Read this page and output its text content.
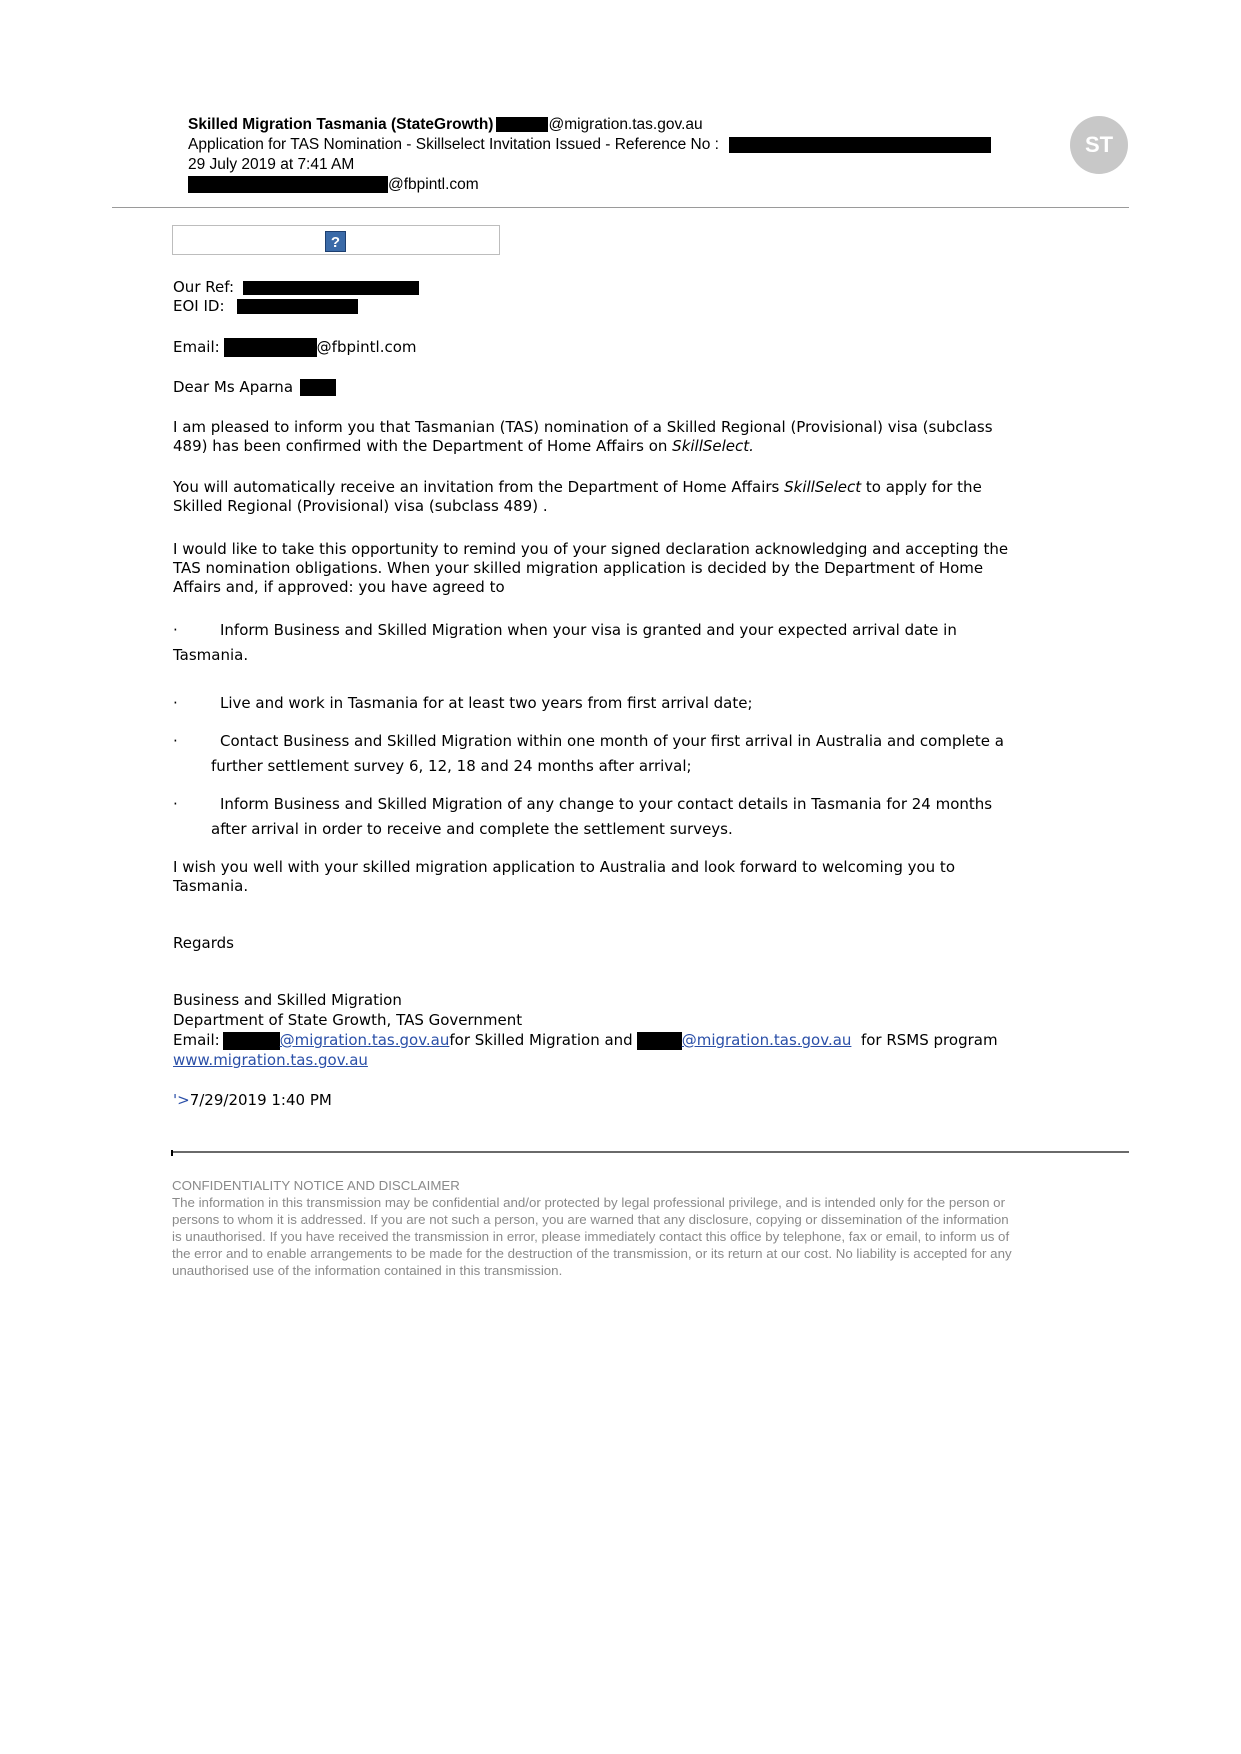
Skilled Migration Tasmania (StateGrowth)	@migration.tas.gov.au
Application for TAS Nomination - Skillselect Invitation Issued - Reference No :
29 July 2019 at 7:41 AM
@fbpintl.com
ST
?
Our Ref:
EOI ID:
Email:	@fbpintl.com
Dear Ms Aparna
I am pleased to inform you that Tasmanian (TAS) nomination of a Skilled Regional (Provisional) visa (subclass
489) has been confirmed with the Department of Home Affairs on SkillSelect.
You will automatically receive an invitation from the Department of Home Affairs SkillSelect to apply for the
Skilled Regional (Provisional) visa (subclass 489) .
I would like to take this opportunity to remind you of your signed declaration acknowledging and accepting the
TAS nomination obligations. When your skilled migration application is decided by the Department of Home
Affairs and, if approved: you have agreed to
·	Inform Business and Skilled Migration when your visa is granted and your expected arrival date in
Tasmania.
·	Live and work in Tasmania for at least two years from first arrival date;
·	Contact Business and Skilled Migration within one month of your first arrival in Australia and complete a
further settlement survey 6, 12, 18 and 24 months after arrival;
·	Inform Business and Skilled Migration of any change to your contact details in Tasmania for 24 months
after arrival in order to receive and complete the settlement surveys.
I wish you well with your skilled migration application to Australia and look forward to welcoming you to
Tasmania.
Regards
Business and Skilled Migration
Department of State Growth, TAS Government
Email:	@migration.tas.gov.aufor Skilled Migration and	@migration.tas.gov.au  for RSMS program
www.migration.tas.gov.au
'>7/29/2019 1:40 PM
CONFIDENTIALITY NOTICE AND DISCLAIMER
The information in this transmission may be confidential and/or protected by legal professional privilege, and is intended only for the person or
persons to whom it is addressed. If you are not such a person, you are warned that any disclosure, copying or dissemination of the information
is unauthorised. If you have received the transmission in error, please immediately contact this office by telephone, fax or email, to inform us of
the error and to enable arrangements to be made for the destruction of the transmission, or its return at our cost. No liability is accepted for any
unauthorised use of the information contained in this transmission.
